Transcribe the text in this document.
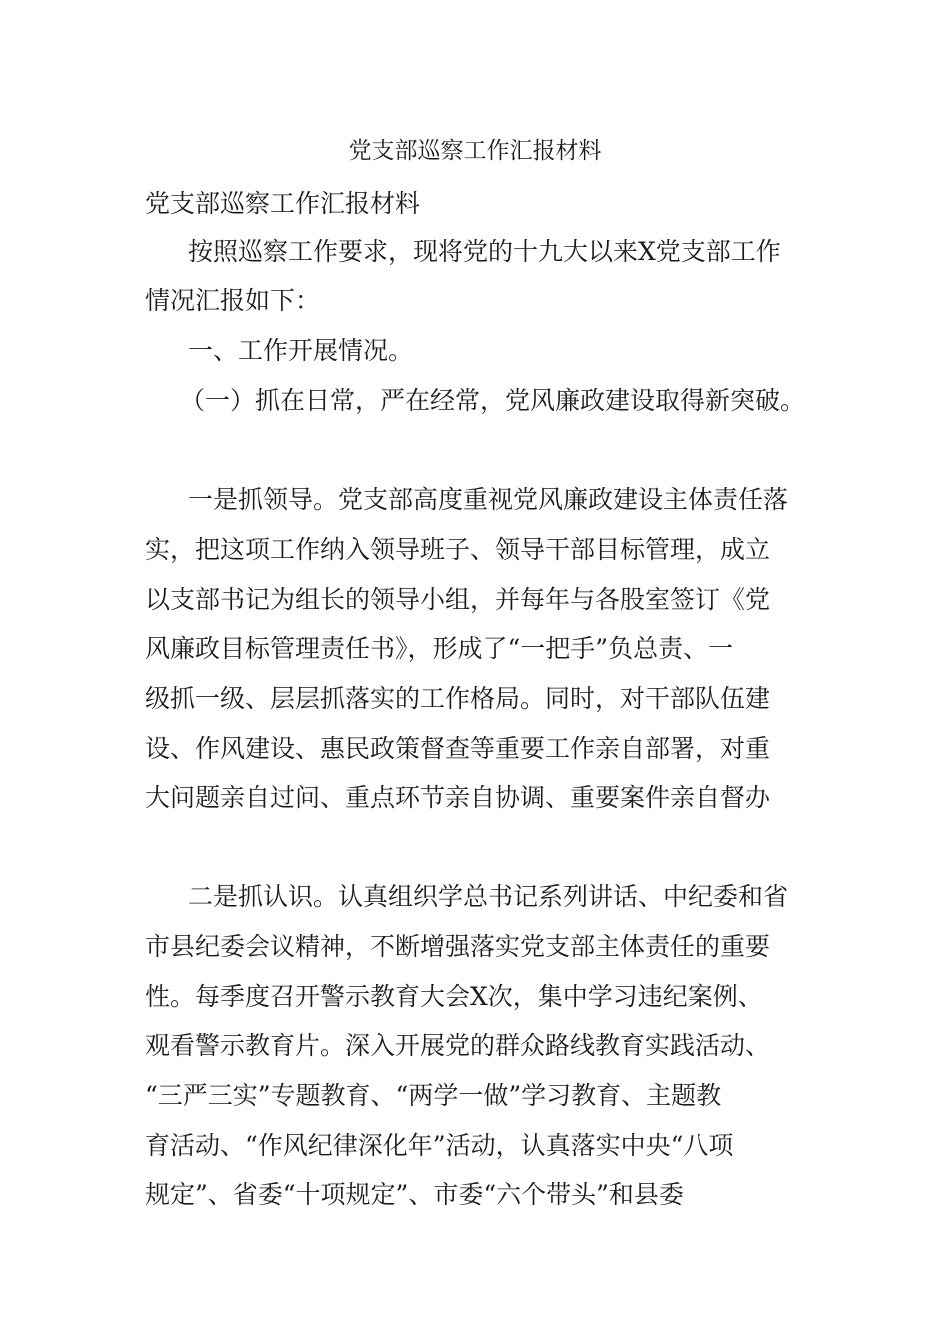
党支部巡察工作汇报材料

党支部巡察工作汇报材料

按照巡察工作要求，现将党的十九大以来X党支部工作

情况汇报如下：

一、工作开展情况。

（一）抓在日常，严在经常，党风廉政建设取得新突破。

一是抓领导。党支部高度重视党风廉政建设主体责任落

实，把这项工作纳入领导班子、领导干部目标管理，成立

以支部书记为组长的领导小组，并每年与各股室签订《党

风廉政目标管理责任书》，形成了“一把手”负总责、一

级抓一级、层层抓落实的工作格局。同时，对干部队伍建

设、作风建设、惠民政策督查等重要工作亲自部署，对重

大问题亲自过问、重点环节亲自协调、重要案件亲自督办

二是抓认识。认真组织学总书记系列讲话、中纪委和省

市县纪委会议精神，不断增强落实党支部主体责任的重要

性。每季度召开警示教育大会X次，集中学习违纪案例、

观看警示教育片。深入开展党的群众路线教育实践活动、

“三严三实”专题教育、“两学一做”学习教育、主题教

育活动、“作风纪律深化年”活动，认真落实中央“八项

规定”、省委“十项规定”、市委“六个带头”和县委
